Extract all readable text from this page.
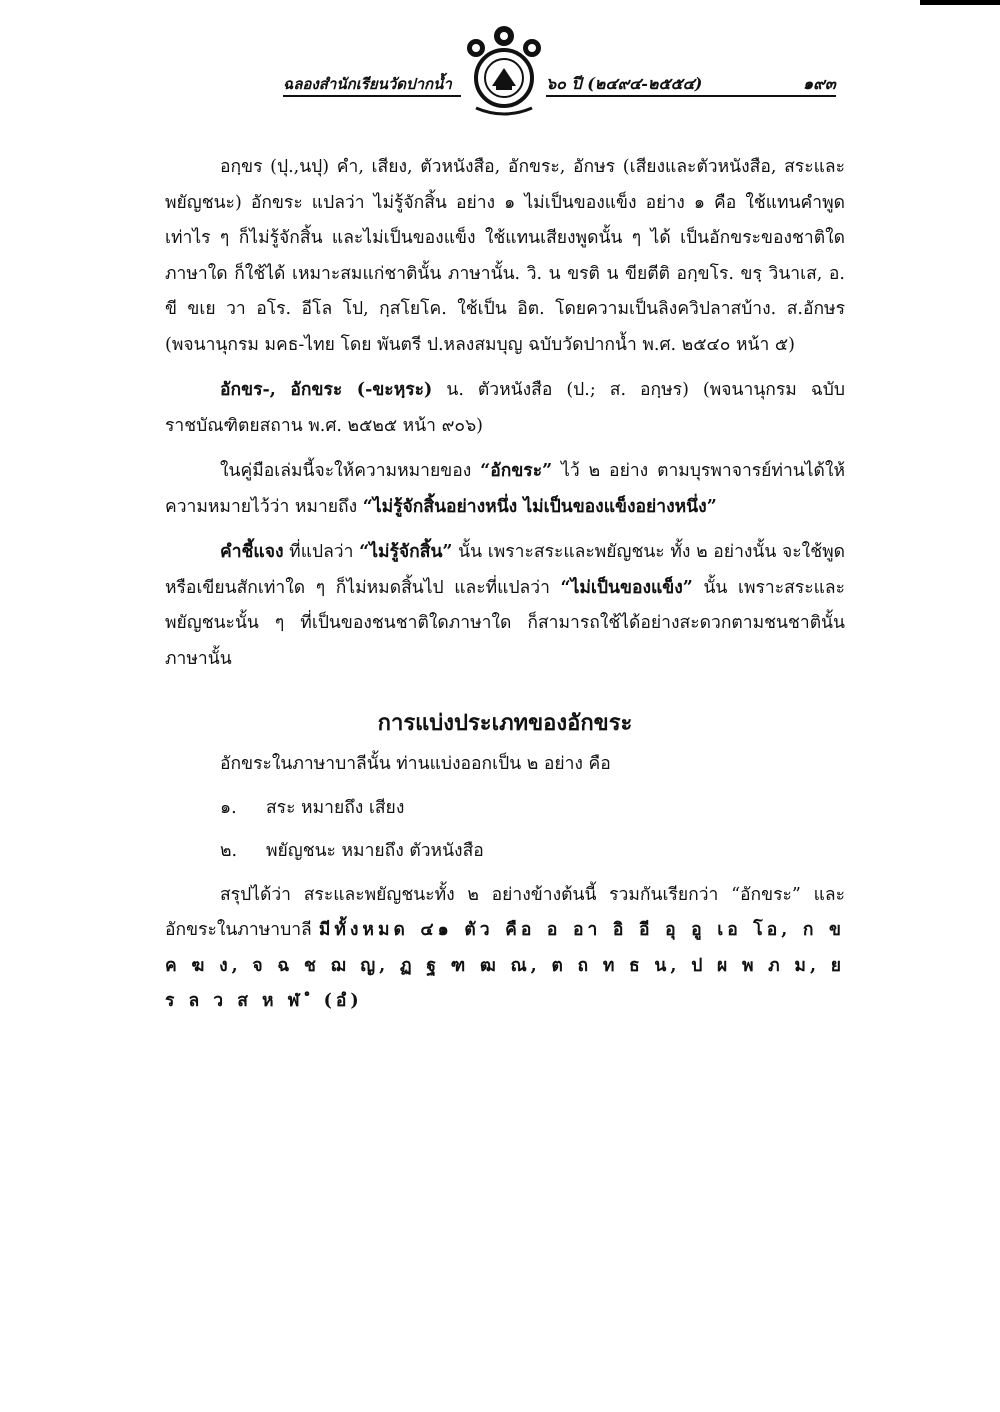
ฉลองสำนักเรียนวัดปากน้ำ	๖๐ ปี (๒๔๙๔-๒๕๕๔)	๑๙๓

อกฺขร (ปุ.,นปุ) คำ, เสียง, ตัวหนังสือ, อักขระ, อักษร (เสียงและตัวหนังสือ, สระและพยัญชนะ) อักขระ แปลว่า ไม่รู้จักสิ้น อย่าง ๑ ไม่เป็นของแข็ง อย่าง ๑ คือ ใช้แทนคำพูดเท่าไร ๆ ก็ไม่รู้จักสิ้น และไม่เป็นของแข็ง ใช้แทนเสียงพูดนั้น ๆ ได้ เป็นอักขระของชาติใด ภาษาใด ก็ใช้ได้ เหมาะสมแก่ชาตินั้น ภาษานั้น. วิ. น ขรติ น ขียตีติ อกฺขโร. ขรฺ วินาเส, อ. ขี ขเย วา อโร. อีโล โป, กฺสโยโค. ใช้เป็น อิต. โดยความเป็นลิงควิปลาสบ้าง. ส.อักษร (พจนานุกรม มคธ-ไทย โดย พันตรี ป.หลงสมบุญ ฉบับวัดปากน้ำ พ.ศ. ๒๕๔๐ หน้า ๕)

อักขร-, อักขระ (-ขะหฺระ) น. ตัวหนังสือ (ป.; ส. อกฺษร) (พจนานุกรม ฉบับราชบัณฑิตยสถาน พ.ศ. ๒๕๒๕ หน้า ๙๐๖)

ในคู่มือเล่มนี้จะให้ความหมายของ “อักขระ” ไว้ ๒ อย่าง ตามบุรพาจารย์ท่านได้ให้ความหมายไว้ว่า หมายถึง “ไม่รู้จักสิ้นอย่างหนึ่ง ไม่เป็นของแข็งอย่างหนึ่ง”

คำชี้แจง ที่แปลว่า “ไม่รู้จักสิ้น” นั้น เพราะสระและพยัญชนะ ทั้ง ๒ อย่างนั้น จะใช้พูดหรือเขียนสักเท่าใด ๆ ก็ไม่หมดสิ้นไป และที่แปลว่า “ไม่เป็นของแข็ง” นั้น เพราะสระและพยัญชนะนั้น ๆ ที่เป็นของชนชาติใดภาษาใด ก็สามารถใช้ได้อย่างสะดวกตามชนชาตินั้นภาษานั้น

การแบ่งประเภทของอักขระ
อักขระในภาษาบาลีนั้น ท่านแบ่งออกเป็น ๒ อย่าง คือ
๑. สระ หมายถึง เสียง
๒. พยัญชนะ หมายถึง ตัวหนังสือ

สรุปได้ว่า สระและพยัญชนะทั้ง ๒ อย่างข้างต้นนี้ รวมกันเรียกว่า “อักขระ” และอักขระในภาษาบาลี มีทั้งหมด ๔๑ ตัว คือ อ อา อิ อี อุ อู เอ โอ, ก ข ค ฆ ง, จ ฉ ช ฌ ญ, ฏ ฐ ฑ ฒ ณ, ต ถ ท ธ น, ป ผ พ ภ ม, ย ร ล ว ส ห ฬ ํ (อํ)
